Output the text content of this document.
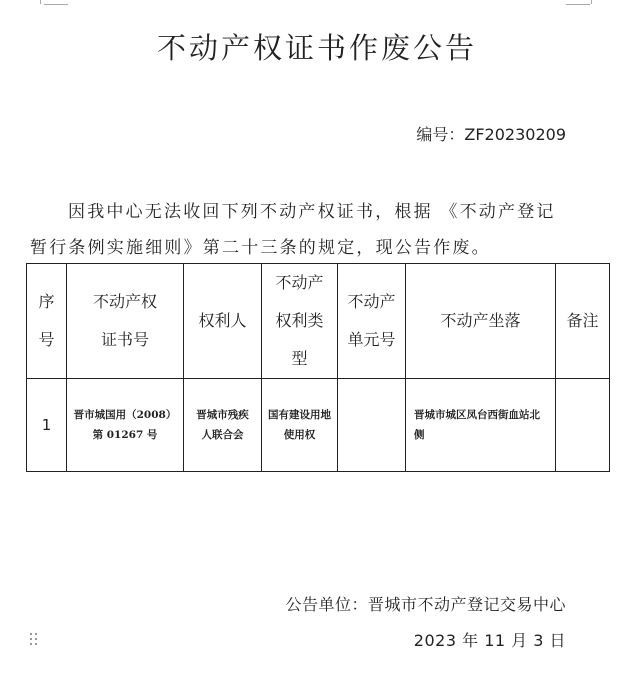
不动产权证书作废公告
编号：ZF20230209
因我中心无法收回下列不动产权证书，根据 《不动产登记暂行条例实施细则》第二十三条的规定，现公告作废。
序号	不动产权证书号	权利人	不动产权利类型	不动产单元号	不动产坐落	备注
1	晋市城国用（2008）第 01267 号	晋城市残疾人联合会	国有建设用地使用权		晋城市城区凤台西街血站北侧	
公告单位：晋城市不动产登记交易中心
2023 年 11 月 3 日
